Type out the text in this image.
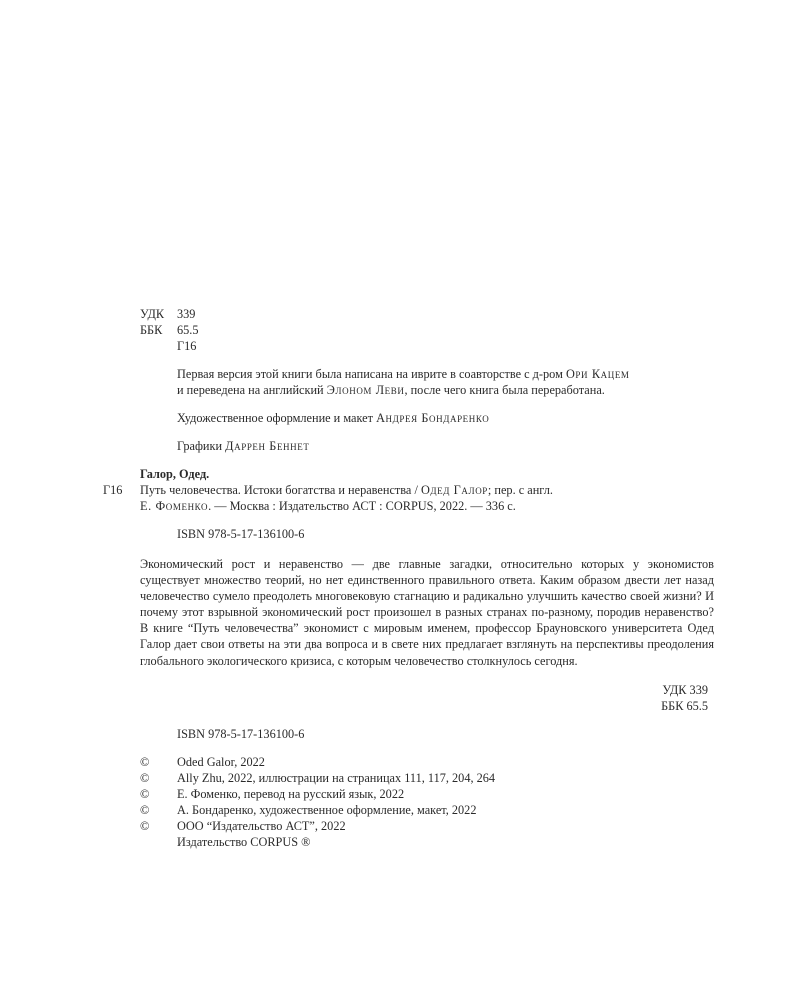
УДК 339
ББК 65.5
Г16
Первая версия этой книги была написана на иврите в соавторстве с д-ром Ори Кацем
и переведена на английский Элоном Леви, после чего книга была переработана.
Художественное оформление и макет Андрея Бондаренко
Графики Даррен Беннет
Галор, Одед.
Г16 Путь человечества. Истоки богатства и неравенства / Одед Галор; пер. с англ.
Е. Фоменко. — Москва : Издательство АСТ : CORPUS, 2022. — 336 с.
ISBN 978-5-17-136100-6
Экономический рост и неравенство — две главные загадки, относительно которых у экономистов существует множество теорий, но нет единственного правильного ответа. Каким образом двести лет назад человечество сумело преодолеть многовековую стагнацию и радикально улучшить качество своей жизни? И почему этот взрывной экономический рост произошел в разных странах по-разному, породив неравенство? В книге “Путь человечества” экономист с мировым именем, профессор Брауновского университета Одед Галор дает свои ответы на эти два вопроса и в свете них предлагает взглянуть на перспективы преодоления глобального экологического кризиса, с которым человечество столкнулось сегодня.
УДК 339
ББК 65.5
ISBN 978-5-17-136100-6
© Oded Galor, 2022
© Ally Zhu, 2022, иллюстрации на страницах 111, 117, 204, 264
© Е. Фоменко, перевод на русский язык, 2022
© А. Бондаренко, художественное оформление, макет, 2022
© ООО “Издательство АСТ”, 2022
Издательство CORPUS ®
